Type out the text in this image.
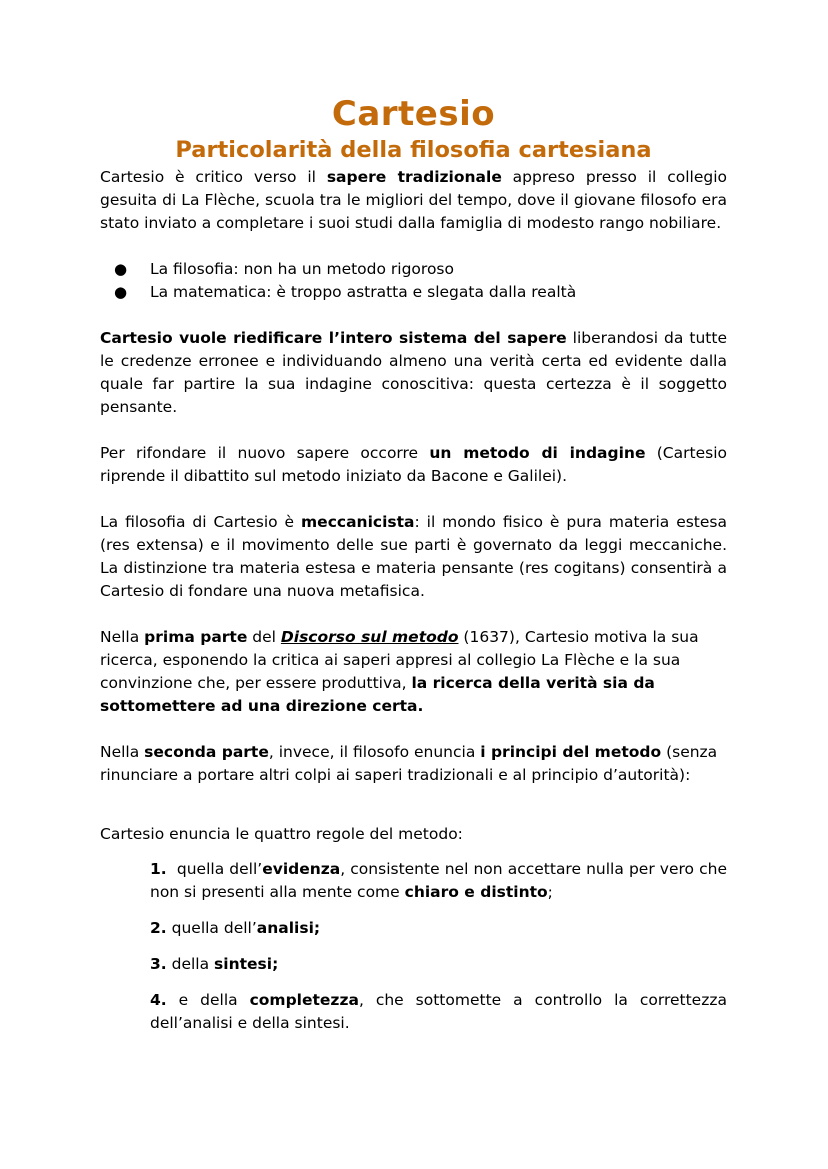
Cartesio
Particolarità della filosofia cartesiana

Cartesio è critico verso il sapere tradizionale appreso presso il collegio gesuita di La Flèche, scuola tra le migliori del tempo, dove il giovane filosofo era stato inviato a completare i suoi studi dalla famiglia di modesto rango nobiliare.

● La filosofia: non ha un metodo rigoroso
● La matematica: è troppo astratta e slegata dalla realtà

Cartesio vuole riedificare l’intero sistema del sapere liberandosi da tutte le credenze erronee e individuando almeno una verità certa ed evidente dalla quale far partire la sua indagine conoscitiva: questa certezza è il soggetto pensante.

Per rifondare il nuovo sapere occorre un metodo di indagine (Cartesio riprende il dibattito sul metodo iniziato da Bacone e Galilei).

La filosofia di Cartesio è meccanicista: il mondo fisico è pura materia estesa (res extensa) e il movimento delle sue parti è governato da leggi meccaniche. La distinzione tra materia estesa e materia pensante (res cogitans) consentirà a Cartesio di fondare una nuova metafisica.

Nella prima parte del Discorso sul metodo (1637), Cartesio motiva la sua ricerca, esponendo la critica ai saperi appresi al collegio La Flèche e la sua convinzione che, per essere produttiva, la ricerca della verità sia da sottomettere ad una direzione certa.

Nella seconda parte, invece, il filosofo enuncia i principi del metodo (senza rinunciare a portare altri colpi ai saperi tradizionali e al principio d’autorità):

Cartesio enuncia le quattro regole del metodo:

1.  quella dell’evidenza, consistente nel non accettare nulla per vero che non si presenti alla mente come chiaro e distinto;

2. quella dell’analisi;

3. della sintesi;

4. e della completezza, che sottomette a controllo la correttezza dell’analisi e della sintesi.
